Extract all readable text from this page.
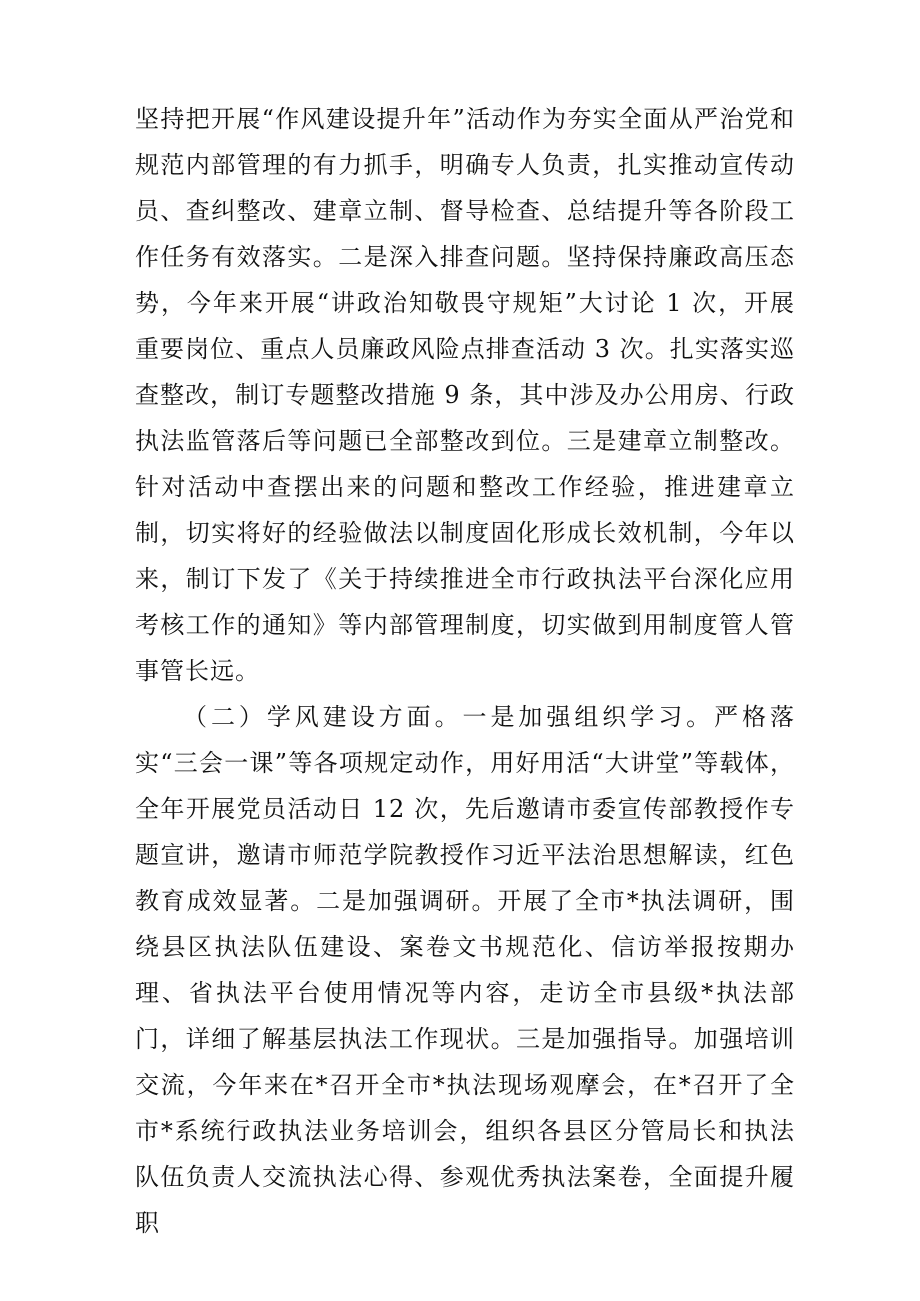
坚持把开展“作风建设提升年”活动作为夯实全面从严治党和规范内部管理的有力抓手，明确专人负责，扎实推动宣传动员、查纠整改、建章立制、督导检查、总结提升等各阶段工作任务有效落实。二是深入排查问题。坚持保持廉政高压态势，今年来开展“讲政治知敬畏守规矩”大讨论 1 次，开展重要岗位、重点人员廉政风险点排查活动 3 次。扎实落实巡查整改，制订专题整改措施 9 条，其中涉及办公用房、行政执法监管落后等问题已全部整改到位。三是建章立制整改。针对活动中查摆出来的问题和整改工作经验，推进建章立制，切实将好的经验做法以制度固化形成长效机制，今年以来，制订下发了《关于持续推进全市行政执法平台深化应用考核工作的通知》等内部管理制度，切实做到用制度管人管事管长远。

（二）学风建设方面。一是加强组织学习。严格落实“三会一课”等各项规定动作，用好用活“大讲堂”等载体，全年开展党员活动日 12 次，先后邀请市委宣传部教授作专题宣讲，邀请市师范学院教授作习近平法治思想解读，红色教育成效显著。二是加强调研。开展了全市*执法调研，围绕县区执法队伍建设、案卷文书规范化、信访举报按期办理、省执法平台使用情况等内容，走访全市县级*执法部门，详细了解基层执法工作现状。三是加强指导。加强培训交流，今年来在*召开全市*执法现场观摩会，在*召开了全市*系统行政执法业务培训会，组织各县区分管局长和执法队伍负责人交流执法心得、参观优秀执法案卷，全面提升履职
